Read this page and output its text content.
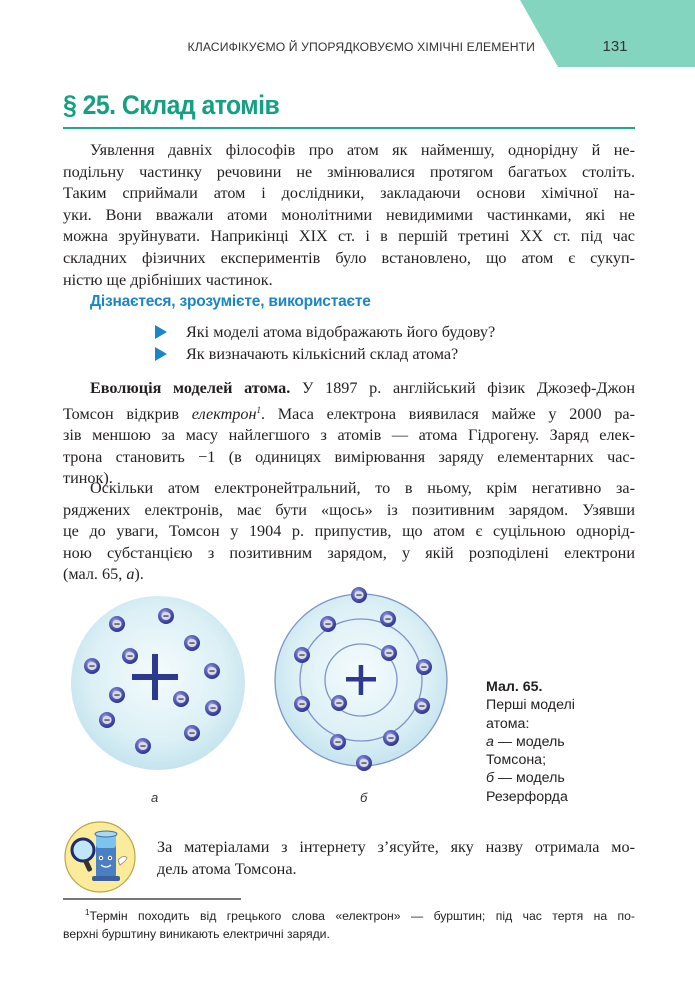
КЛАСИФІКУЄМО Й УПОРЯДКОВУЄМО ХІМІЧНІ ЕЛЕМЕНТИ	131
§ 25. Склад атомів
Уявлення давніх філософів про атом як найменшу, однорідну й не-
подільну частинку речовини не змінювалися протягом багатьох століть.
Таким сприймали атом і дослідники, закладаючи основи хімічної на-
уки. Вони вважали атоми монолітними невидимими частинками, які не
можна зруйнувати. Наприкінці XIX ст. і в першій третині XX ст. під час
складних фізичних експериментів було встановлено, що атом є сукуп-
ністю ще дрібніших частинок.
Дізнаєтеся, зрозумієте, використаєте
Які моделі атома відображають його будову?
Як визначають кількісний склад атома?
Еволюція моделей атома. У 1897 р. англійський фізик Джозеф-Джон
Томсон відкрив електрон$^1$. Маса електрона виявилася майже у 2000 ра-
зів меншою за масу найлегшого з атомів — атома Гідрогену. Заряд елек-
трона становить −1 (в одиницях вимірювання заряду елементарних час-
тинок).
Оскільки атом електронейтральний, то в ньому, крім негативно за-
ряджених електронів, має бути «щось» із позитивним зарядом. Узявши
це до уваги, Томсон у 1904 р. припустив, що атом є суцільною однорід-
ною субстанцією з позитивним зарядом, у якій розподілені електрони
(мал. 65, а).
а	б
Мал. 65.
Перші моделі
атома:
а — модель
Томсона;
б — модель
Резерфорда
За матеріалами з інтернету з’ясуйте, яку назву отримала мо-
дель атома Томсона.
$^1$Термін походить від грецького слова «електрон» — бурштин; під час тертя на по-
верхні бурштину виникають електричні заряди.
